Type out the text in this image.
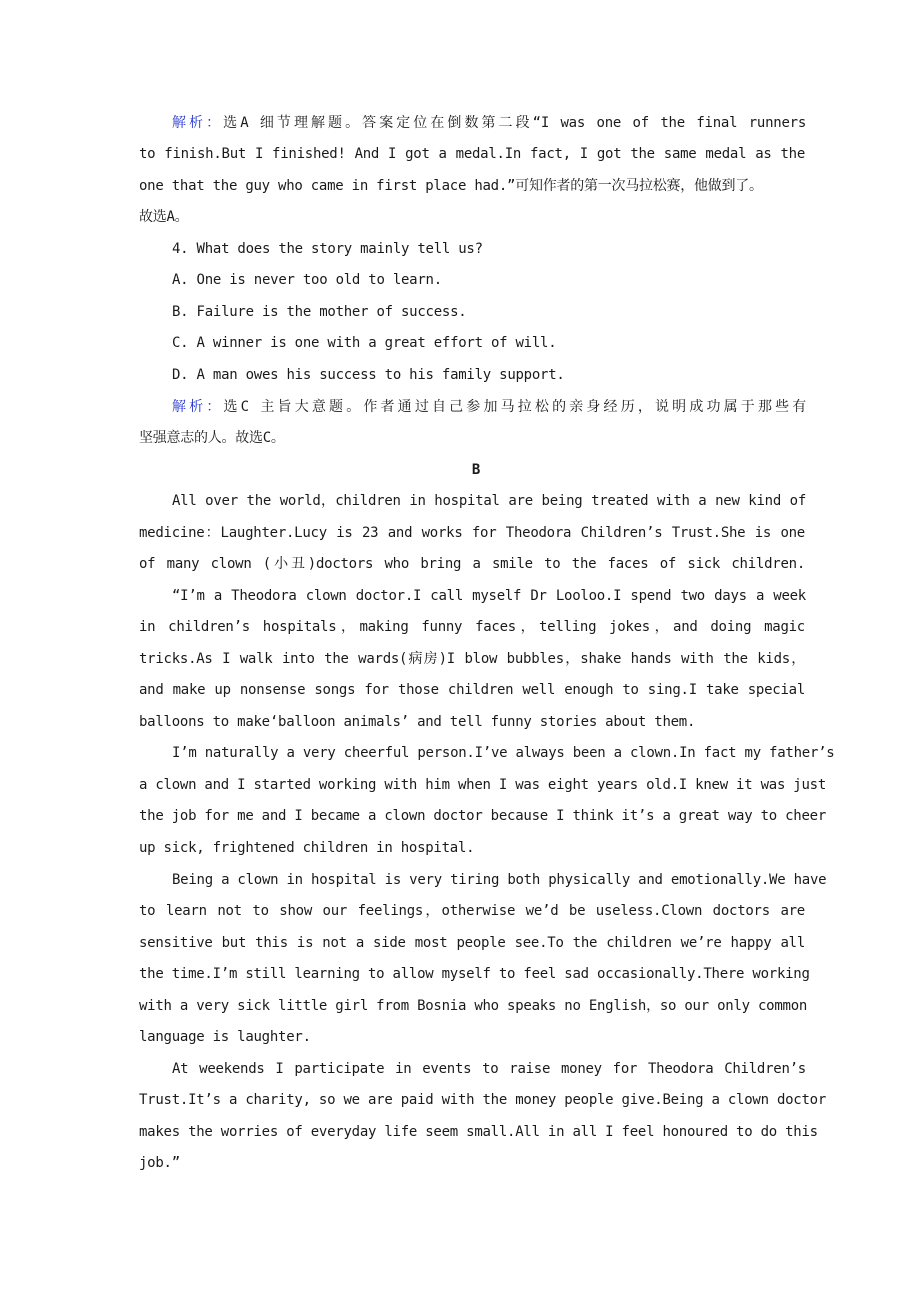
解析：选A 细节理解题。答案定位在倒数第二段“I was one of the final runners
to finish.But I finished! And I got a medal.In fact, I got the same medal as the
one that the guy who came in first place had.”可知作者的第一次马拉松赛，他做到了。
故选A。
4. What does the story mainly tell us?
A. One is never too old to learn.
B. Failure is the mother of success.
C. A winner is one with a great effort of will.
D. A man owes his success to his family support.
解析：选C 主旨大意题。作者通过自己参加马拉松的亲身经历，说明成功属于那些有
坚强意志的人。故选C。
B
All over the world，children in hospital are being treated with a new kind of
medicine：Laughter.Lucy is 23 and works for Theodora Children’s Trust.She is one
of many clown (小丑)doctors who bring a smile to the faces of sick children.
“I’m a Theodora clown doctor.I call myself Dr Looloo.I spend two days a week
in children’s hospitals，making funny faces，telling jokes，and doing magic
tricks.As I walk into the wards(病房)I blow bubbles，shake hands with the kids，
and make up nonsense songs for those children well enough to sing.I take special
balloons to make‘balloon animals’ and tell funny stories about them.
I’m naturally a very cheerful person.I’ve always been a clown.In fact my father’s
a clown and I started working with him when I was eight years old.I knew it was just
the job for me and I became a clown doctor because I think it’s a great way to cheer
up sick, frightened children in hospital.
Being a clown in hospital is very tiring both physically and emotionally.We have
to learn not to show our feelings，otherwise we’d be useless.Clown doctors are
sensitive but this is not a side most people see.To the children we’re happy all
the time.I’m still learning to allow myself to feel sad occasionally.There working
with a very sick little girl from Bosnia who speaks no English，so our only common
language is laughter.
At weekends I participate in events to raise money for Theodora Children’s
Trust.It’s a charity, so we are paid with the money people give.Being a clown doctor
makes the worries of everyday life seem small.All in all I feel honoured to do this
job.”
